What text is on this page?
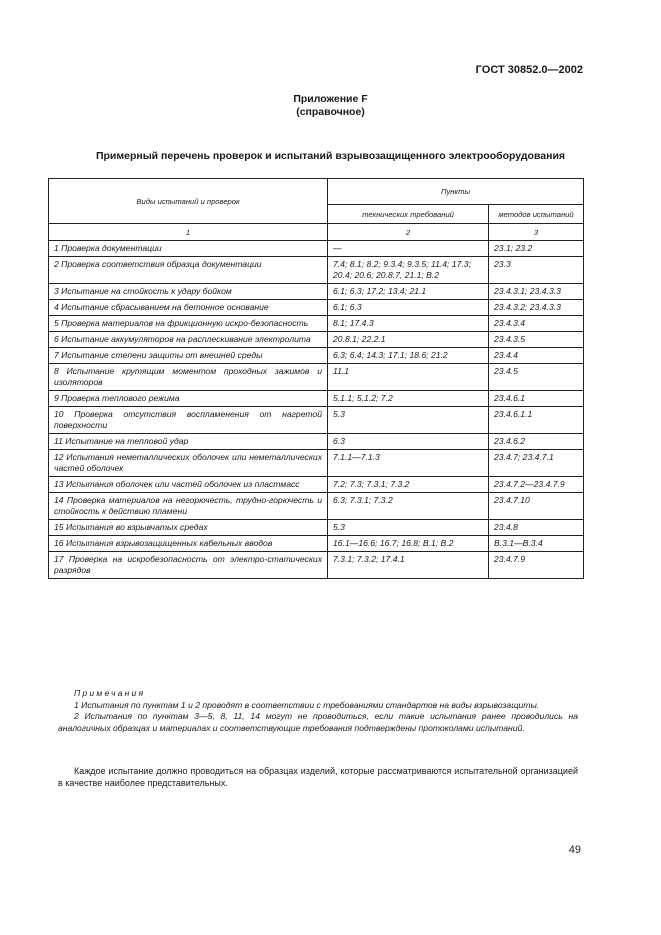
ГОСТ 30852.0—2002
Приложение F
(справочное)
Примерный перечень проверок и испытаний взрывозащищенного электрооборудования
Виды испытаний и проверок	Пункты	
	технических требований	методов испытаний
1	2	3
1 Проверка документации	—	23.1; 23.2
2 Проверка соответствия образца документации	7.4; 8.1; 8.2; 9.3.4; 9.3.5; 11.4; 17.3; 20.4; 20.6; 20.8.7, 21.1; В.2	23.3
3 Испытание на стойкость к удару бойком	6.1; 6.3; 17.2; 13.4; 21.1	23.4.3.1; 23.4.3.3
4 Испытание сбрасыванием на бетонное основание	6.1; 6.3	23.4.3.2; 23.4.3.3
5 Проверка материалов на фрикционную искро-безопасность	8.1; 17.4.3	23.4.3.4
6 Испытание аккумуляторов на расплескивание электролита	20.8.1; 22.2.1	23.4.3.5
7 Испытание степени защиты от внешней среды	6.3; 6.4; 14.3; 17.1; 18.6; 21.2	23.4.4
8 Испытание крутящим моментом проходных зажимов и изоляторов	11.1	23.4.5
9 Проверка теплового режима	5.1.1; 5.1.2; 7.2	23.4.6.1
10 Проверка отсутствия воспламенения от нагретой поверхности	5.3	23.4.6.1.1
11 Испытание на тепловой удар	6.3	23.4.6.2
12 Испытания неметаллических оболочек или неметаллических частей оболочек	7.1.1—7.1.3	23.4.7; 23.4.7.1
13 Испытания оболочек или частей оболочек из пластмасс	7.2; 7.3; 7.3.1; 7.3.2	23.4.7.2—23.4.7.9
14 Проверка материалов на негорючесть, трудно-горючесть и стойкость к действию пламени	6.3; 7.3.1; 7.3.2	23.4.7.10
15 Испытания во взрывчатых средах	5.3	23.4.8
16 Испытания взрывозащищенных кабельных вводов	16.1—16.6; 16.7; 16.8; В.1; В.2	В.3.1—В.3.4
17 Проверка на искробезопасность от электро-статических разрядов	7.3.1; 7.3.2; 17.4.1	23.4.7.9
Примечания

1 Испытания по пунктам 1 и 2 проводят в соответствии с требованиями стандартов на виды взрывозащиты.

2 Испытания по пунктам 3—5, 8, 11, 14 могут не проводиться, если такие испытания ранее проводились на аналогичных образцах и материалах и соответствующие требования подтверждены протоколами испытаний.

Каждое испытание должно проводиться на образцах изделий, которые рассматриваются испытательной организацией в качестве наиболее представительных.

49
